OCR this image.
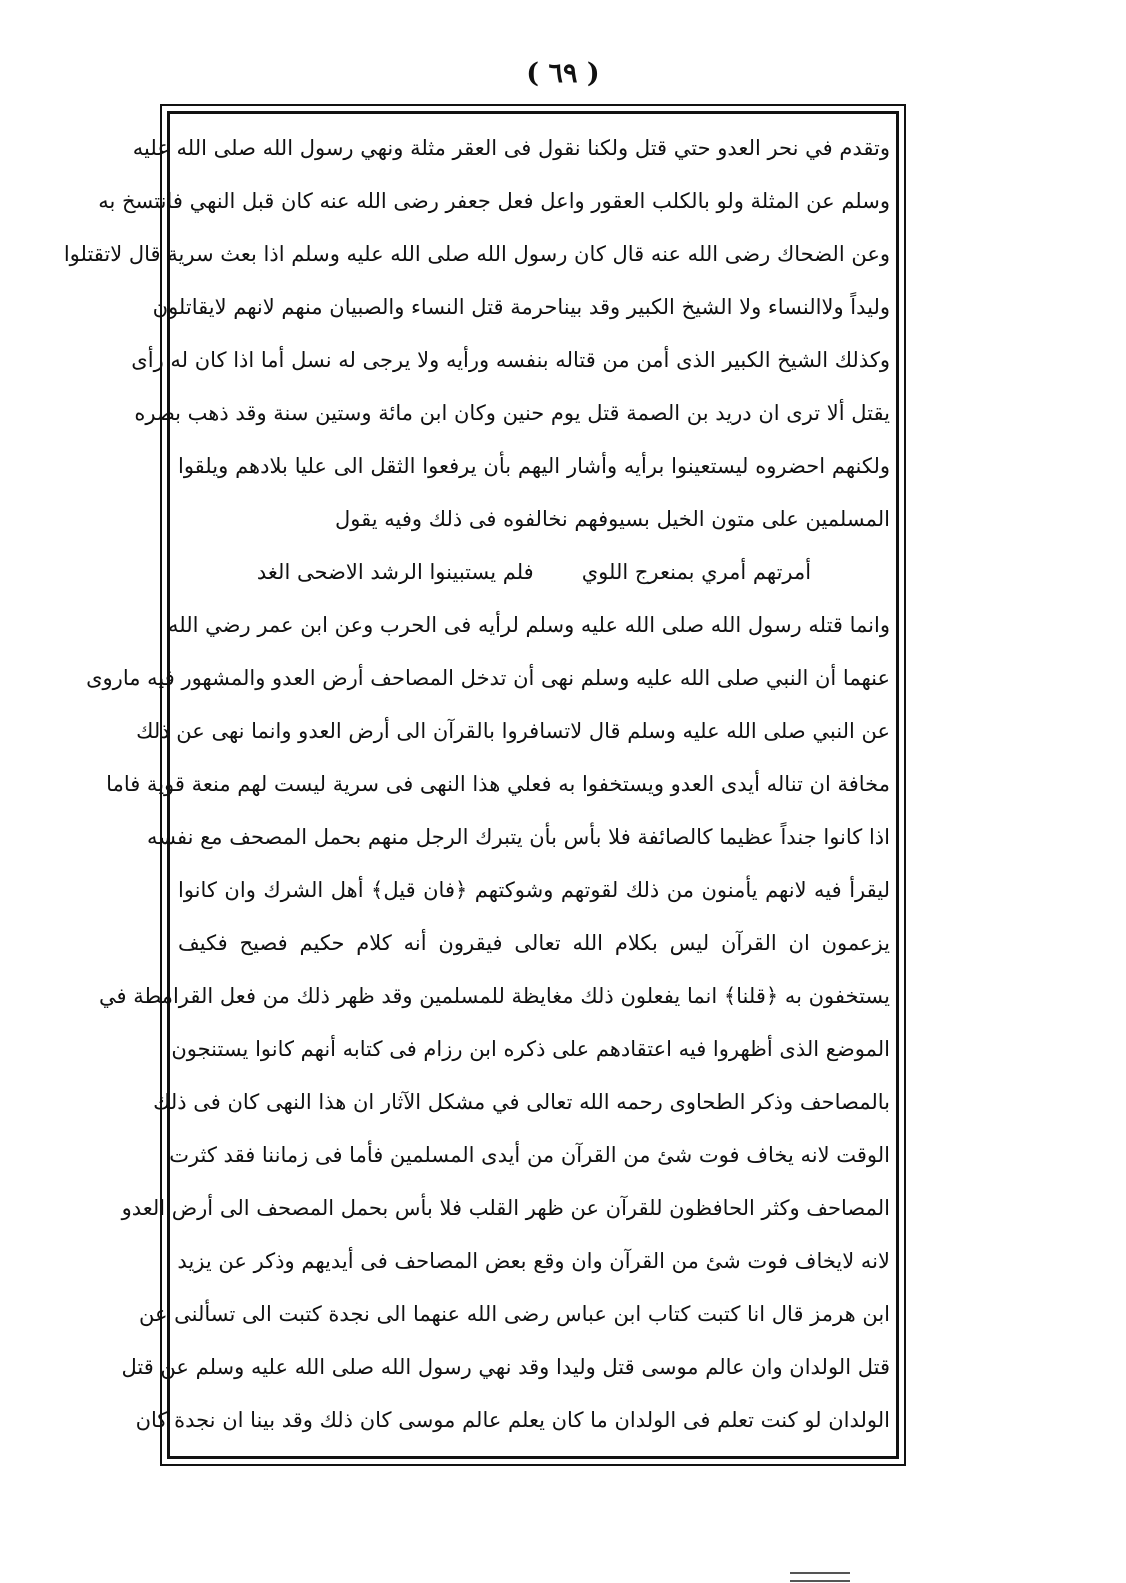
( ٦٩ )
وتقدم في نحر العدو حتي قتل ولكنا نقول فى العقر مثلة ونهي رسول الله صلى الله عليه
وسلم عن المثلة ولو بالكلب العقور واعل فعل جعفر رضى الله عنه كان قبل النهي فانتسخ به
وعن الضحاك رضى الله عنه قال كان رسول الله صلى الله عليه وسلم اذا بعث سرية قال لاتقتلوا
وليداً ولاالنساء ولا الشيخ الكبير وقد بيناحرمة قتل النساء والصبيان منهم لانهم لايقاتلون
وكذلك الشيخ الكبير الذى أمن من قتاله بنفسه ورأيه ولا يرجى له نسل أما اذا كان له رأى
يقتل ألا ترى ان دريد بن الصمة قتل يوم حنين وكان ابن مائة وستين سنة وقد ذهب بصره
ولكنهم احضروه ليستعينوا برأيه وأشار اليهم بأن يرفعوا الثقل الى عليا بلادهم ويلقوا
المسلمين على متون الخيل بسيوفهم نخالفوه فى ذلك وفيه يقول
أمرتهم أمري بمنعرج اللوي
فلم يستبينوا الرشد الاضحى الغد
وانما قتله رسول الله صلى الله عليه وسلم لرأيه فى الحرب وعن ابن عمر رضي الله
عنهما أن النبي صلى الله عليه وسلم نهى أن تدخل المصاحف أرض العدو والمشهور فيه ماروى
عن النبي صلى الله عليه وسلم قال لاتسافروا بالقرآن الى أرض العدو وانما نهى عن ذلك
مخافة ان تناله أيدى العدو ويستخفوا به فعلي هذا النهى فى سرية ليست لهم منعة قوية فاما
اذا كانوا جنداً عظيما كالصائفة فلا بأس بأن يتبرك الرجل منهم بحمل المصحف مع نفسه
ليقرأ فيه لانهم يأمنون من ذلك لقوتهم وشوكتهم ﴿فان قيل﴾ أهل الشرك وان كانوا
يزعمون ان القرآن ليس بكلام الله تعالى فيقرون أنه كلام حكيم فصيح فكيف
يستخفون به ﴿قلنا﴾ انما يفعلون ذلك مغايظة للمسلمين وقد ظهر ذلك من فعل القرامطة في
الموضع الذى أظهروا فيه اعتقادهم على ذكره ابن رزام فى كتابه أنهم كانوا يستنجون
بالمصاحف وذكر الطحاوى رحمه الله تعالى في مشكل الآثار ان هذا النهى كان فى ذلك
الوقت لانه يخاف فوت شئ من القرآن من أيدى المسلمين فأما فى زماننا فقد كثرت
المصاحف وكثر الحافظون للقرآن عن ظهر القلب فلا بأس بحمل المصحف الى أرض العدو
لانه لايخاف فوت شئ من القرآن وان وقع بعض المصاحف فى أيديهم وذكر عن يزيد
ابن هرمز قال انا كتبت كتاب ابن عباس رضى الله عنهما الى نجدة كتبت الى تسألنى عن
قتل الولدان وان عالم موسى قتل وليدا وقد نهي رسول الله صلى الله عليه وسلم عن قتل
الولدان لو كنت تعلم فى الولدان ما كان يعلم عالم موسى كان ذلك وقد بينا ان نجدة كان
